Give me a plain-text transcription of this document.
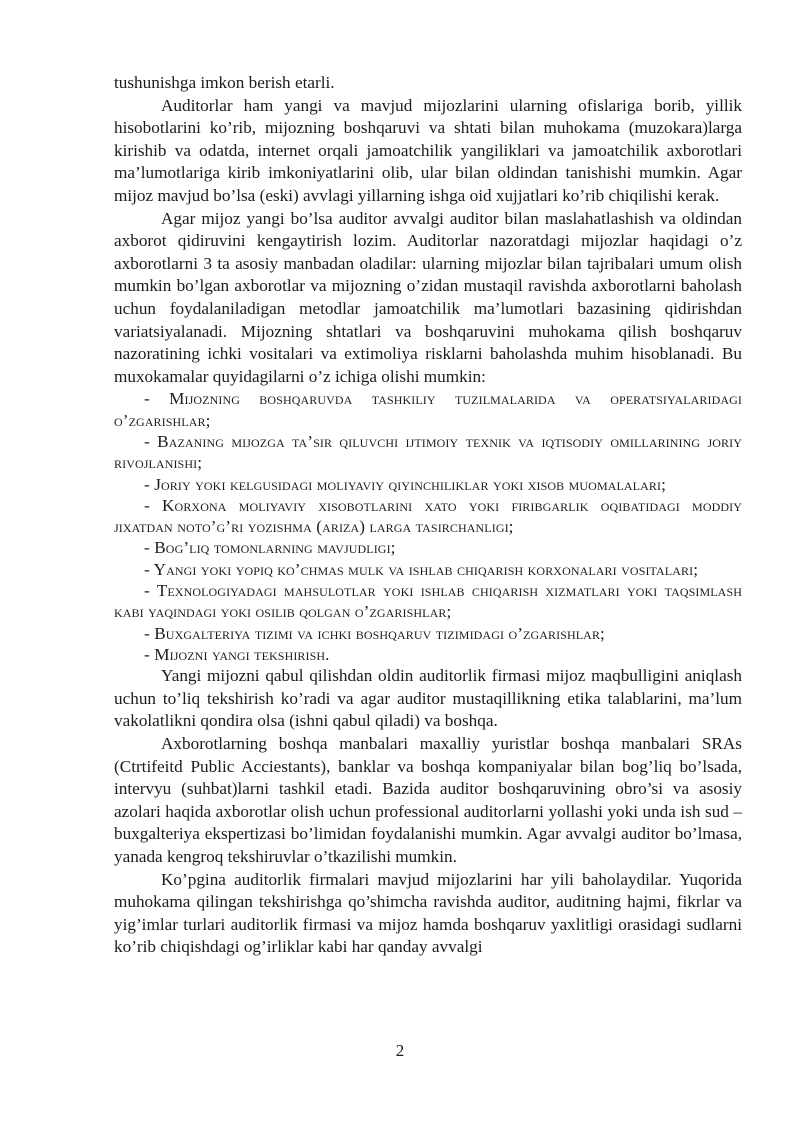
tushunishga imkon berish etarli.

Auditorlar ham yangi va mavjud mijozlarini ularning ofislariga borib, yillik hisobotlarini ko’rib, mijozning boshqaruvi va shtati bilan muhokama (muzokara)larga kirishib va odatda, internet orqali jamoatchilik yangiliklari va jamoatchilik axborotlari ma’lumotlariga kirib imkoniyatlarini olib, ular bilan oldindan tanishishi mumkin. Agar mijoz mavjud bo’lsa (eski) avvlagi yillarning ishga oid xujjatlari ko’rib chiqilishi kerak.

Agar mijoz yangi bo’lsa auditor avvalgi auditor bilan maslahatlashish va oldindan axborot qidiruvini kengaytirish lozim. Auditorlar nazoratdagi mijozlar haqidagi o’z axborotlarni 3 ta asosiy manbadan oladilar: ularning mijozlar bilan tajribalari umum olish mumkin bo’lgan axborotlar va mijozning o’zidan mustaqil ravishda axborotlarni baholash uchun foydalaniladigan metodlar jamoatchilik ma’lumotlari bazasining qidirishdan variatsiyalanadi. Mijozning shtatlari va boshqaruvini muhokama qilish boshqaruv nazoratining ichki vositalari va extimoliya risklarni baholashda muhim hisoblanadi. Bu muxokamalar quyidagilarni o’z ichiga olishi mumkin:

- Mijozning boshqaruvda tashkiliy tuzilmalarida va operatsiyalaridagi o’zgarishlar;
- Bazaning mijozga ta’sir qiluvchi ijtimoiy texnik va iqtisodiy omillarining joriy rivojlanishi;
- Joriy yoki kelgusidagi moliyaviy qiyinchiliklar yoki xisob muomalalari;
- Korxona moliyaviy xisobotlarini xato yoki firibgarlik oqibatidagi moddiy jixatdan noto’g’ri yozishma (ariza) larga tasirchanligi;
- Bog’liq tomonlarning mavjudligi;
- Yangi yoki yopiq ko’chmas mulk va ishlab chiqarish korxonalari vositalari;
- Texnologiyadagi mahsulotlar yoki ishlab chiqarish xizmatlari yoki taqsimlash kabi yaqindagi yoki osilib qolgan o’zgarishlar;
- Buxgalteriya tizimi va ichki boshqaruv tizimidagi o’zgarishlar;
- Mijozni yangi tekshirish.

Yangi mijozni qabul qilishdan oldin auditorlik firmasi mijoz maqbulligini aniqlash uchun to’liq tekshirish ko’radi va agar auditor mustaqillikning etika talablarini, ma’lum vakolatlikni qondira olsa (ishni qabul qiladi) va boshqa.

Axborotlarning boshqa manbalari maxalliy yuristlar boshqa manbalari SRAs (Ctrtifeitd Public Acciestants), banklar va boshqa kompaniyalar bilan bog’liq bo’lsada, intervyu (suhbat)larni tashkil etadi. Bazida auditor boshqaruvining obro’si va asosiy azolari haqida axborotlar olish uchun professional auditorlarni yollashi yoki unda ish sud – buxgalteriya ekspertizasi bo’limidan foydalanishi mumkin. Agar avvalgi auditor bo’lmasa, yanada kengroq tekshiruvlar o’tkazilishi mumkin.

Ko’pgina auditorlik firmalari mavjud mijozlarini har yili baholaydilar. Yuqorida muhokama qilingan tekshirishga qo’shimcha ravishda auditor, auditning hajmi, fikrlar va yig’imlar turlari auditorlik firmasi va mijoz hamda boshqaruv yaxlitligi orasidagi sudlarni ko’rib chiqishdagi og’irliklar kabi har qanday avvalgi

2
